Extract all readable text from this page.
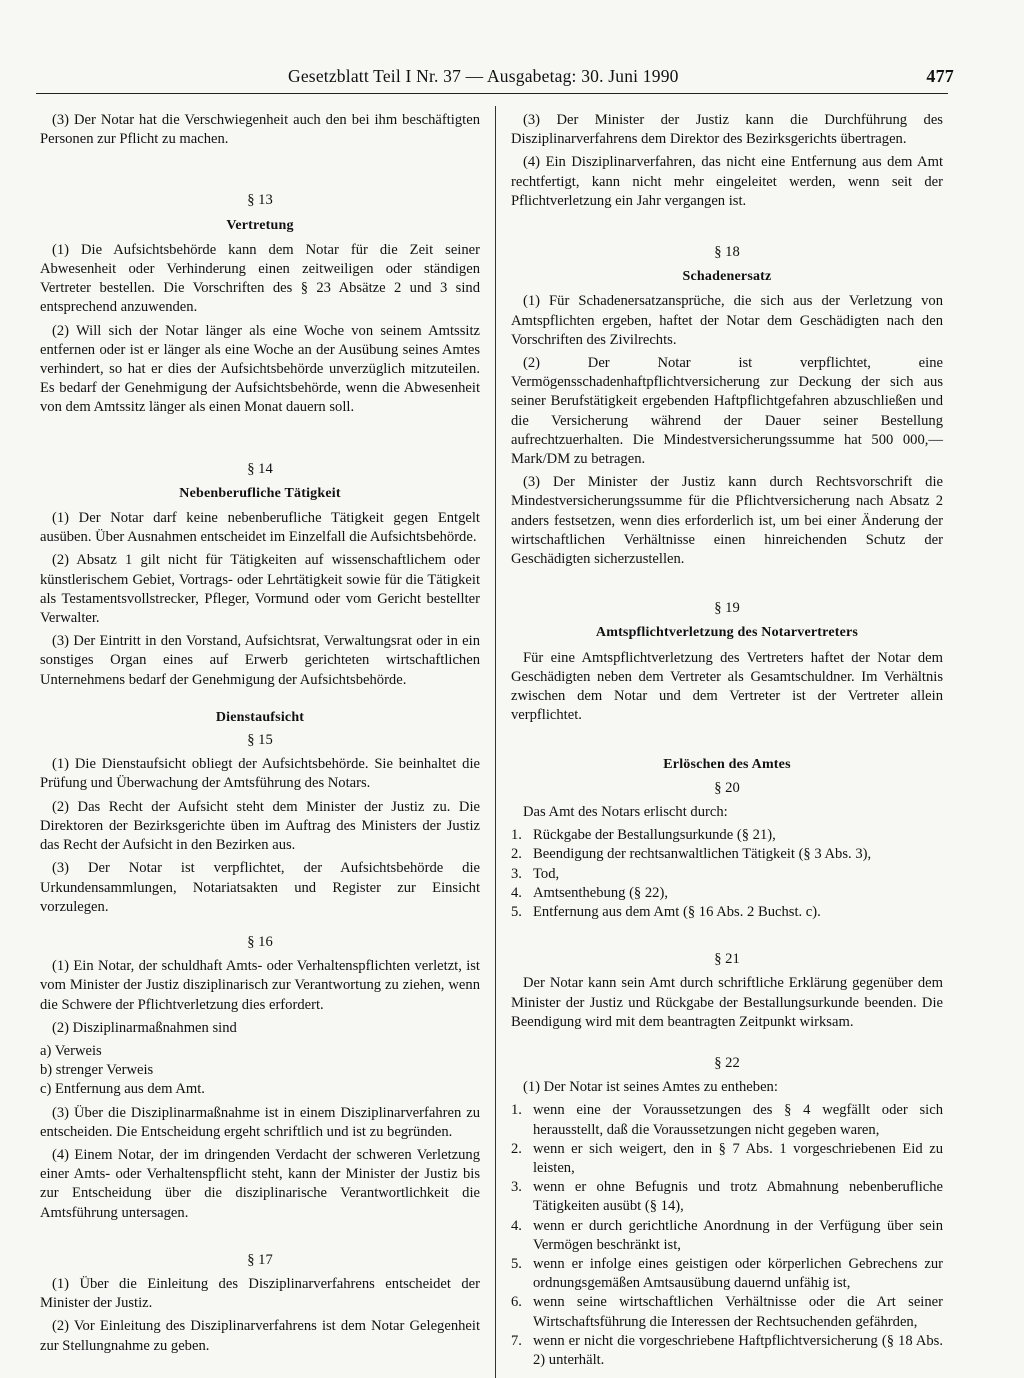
Gesetzblatt Teil I Nr. 37 — Ausgabetag: 30. Juni 1990	477

(3) Der Notar hat die Verschwiegenheit auch den bei ihm beschäftigten Personen zur Pflicht zu machen.

§ 13
Vertretung

(1) Die Aufsichtsbehörde kann dem Notar für die Zeit seiner Abwesenheit oder Verhinderung einen zeitweiligen oder ständigen Vertreter bestellen. Die Vorschriften des § 23 Absätze 2 und 3 sind entsprechend anzuwenden.

(2) Will sich der Notar länger als eine Woche von seinem Amtssitz entfernen oder ist er länger als eine Woche an der Ausübung seines Amtes verhindert, so hat er dies der Aufsichtsbehörde unverzüglich mitzuteilen. Es bedarf der Genehmigung der Aufsichtsbehörde, wenn die Abwesenheit von dem Amtssitz länger als einen Monat dauern soll.

§ 14
Nebenberufliche Tätigkeit

(1) Der Notar darf keine nebenberufliche Tätigkeit gegen Entgelt ausüben. Über Ausnahmen entscheidet im Einzelfall die Aufsichtsbehörde.

(2) Absatz 1 gilt nicht für Tätigkeiten auf wissenschaftlichem oder künstlerischem Gebiet, Vortrags- oder Lehrtätigkeit sowie für die Tätigkeit als Testamentsvollstrecker, Pfleger, Vormund oder vom Gericht bestellter Verwalter.

(3) Der Eintritt in den Vorstand, Aufsichtsrat, Verwaltungsrat oder in ein sonstiges Organ eines auf Erwerb gerichteten wirtschaftlichen Unternehmens bedarf der Genehmigung der Aufsichtsbehörde.

Dienstaufsicht
§ 15

(1) Die Dienstaufsicht obliegt der Aufsichtsbehörde. Sie beinhaltet die Prüfung und Überwachung der Amtsführung des Notars.

(2) Das Recht der Aufsicht steht dem Minister der Justiz zu. Die Direktoren der Bezirksgerichte üben im Auftrag des Ministers der Justiz das Recht der Aufsicht in den Bezirken aus.

(3) Der Notar ist verpflichtet, der Aufsichtsbehörde die Urkundensammlungen, Notariatsakten und Register zur Einsicht vorzulegen.

§ 16

(1) Ein Notar, der schuldhaft Amts- oder Verhaltenspflichten verletzt, ist vom Minister der Justiz disziplinarisch zur Verantwortung zu ziehen, wenn die Schwere der Pflichtverletzung dies erfordert.

(2) Disziplinarmaßnahmen sind

a) Verweis
b) strenger Verweis
c) Entfernung aus dem Amt.

(3) Über die Disziplinarmaßnahme ist in einem Disziplinarverfahren zu entscheiden. Die Entscheidung ergeht schriftlich und ist zu begründen.

(4) Einem Notar, der im dringenden Verdacht der schweren Verletzung einer Amts- oder Verhaltenspflicht steht, kann der Minister der Justiz bis zur Entscheidung über die disziplinarische Verantwortlichkeit die Amtsführung untersagen.

§ 17

(1) Über die Einleitung des Disziplinarverfahrens entscheidet der Minister der Justiz.

(2) Vor Einleitung des Disziplinarverfahrens ist dem Notar Gelegenheit zur Stellungnahme zu geben.

(3) Der Minister der Justiz kann die Durchführung des Disziplinarverfahrens dem Direktor des Bezirksgerichts übertragen.

(4) Ein Disziplinarverfahren, das nicht eine Entfernung aus dem Amt rechtfertigt, kann nicht mehr eingeleitet werden, wenn seit der Pflichtverletzung ein Jahr vergangen ist.

§ 18
Schadenersatz

(1) Für Schadenersatzansprüche, die sich aus der Verletzung von Amtspflichten ergeben, haftet der Notar dem Geschädigten nach den Vorschriften des Zivilrechts.

(2) Der Notar ist verpflichtet, eine Vermögensschadenhaftpflichtversicherung zur Deckung der sich aus seiner Berufstätigkeit ergebenden Haftpflichtgefahren abzuschließen und die Versicherung während der Dauer seiner Bestellung aufrechtzuerhalten. Die Mindestversicherungssumme hat 500 000,— Mark/DM zu betragen.

(3) Der Minister der Justiz kann durch Rechtsvorschrift die Mindestversicherungssumme für die Pflichtversicherung nach Absatz 2 anders festsetzen, wenn dies erforderlich ist, um bei einer Änderung der wirtschaftlichen Verhältnisse einen hinreichenden Schutz der Geschädigten sicherzustellen.

§ 19
Amtspflichtverletzung des Notarvertreters

Für eine Amtspflichtverletzung des Vertreters haftet der Notar dem Geschädigten neben dem Vertreter als Gesamtschuldner. Im Verhältnis zwischen dem Notar und dem Vertreter ist der Vertreter allein verpflichtet.

Erlöschen des Amtes
§ 20

Das Amt des Notars erlischt durch:

1. Rückgabe der Bestallungsurkunde (§ 21),
2. Beendigung der rechtsanwaltlichen Tätigkeit (§ 3 Abs. 3),
3. Tod,
4. Amtsenthebung (§ 22),
5. Entfernung aus dem Amt (§ 16 Abs. 2 Buchst. c).
§ 21

Der Notar kann sein Amt durch schriftliche Erklärung gegenüber dem Minister der Justiz und Rückgabe der Bestallungsurkunde beenden. Die Beendigung wird mit dem beantragten Zeitpunkt wirksam.

§ 22

(1) Der Notar ist seines Amtes zu entheben:

1. wenn eine der Voraussetzungen des § 4 wegfällt oder sich herausstellt, daß die Voraussetzungen nicht gegeben waren,
2. wenn er sich weigert, den in § 7 Abs. 1 vorgeschriebenen Eid zu leisten,
3. wenn er ohne Befugnis und trotz Abmahnung nebenberufliche Tätigkeiten ausübt (§ 14),
4. wenn er durch gerichtliche Anordnung in der Verfügung über sein Vermögen beschränkt ist,
5. wenn er infolge eines geistigen oder körperlichen Gebrechens zur ordnungsgemäßen Amtsausübung dauernd unfähig ist,
6. wenn seine wirtschaftlichen Verhältnisse oder die Art seiner Wirtschaftsführung die Interessen der Rechtsuchenden gefährden,
7. wenn er nicht die vorgeschriebene Haftpflichtversicherung (§ 18 Abs. 2) unterhält.
